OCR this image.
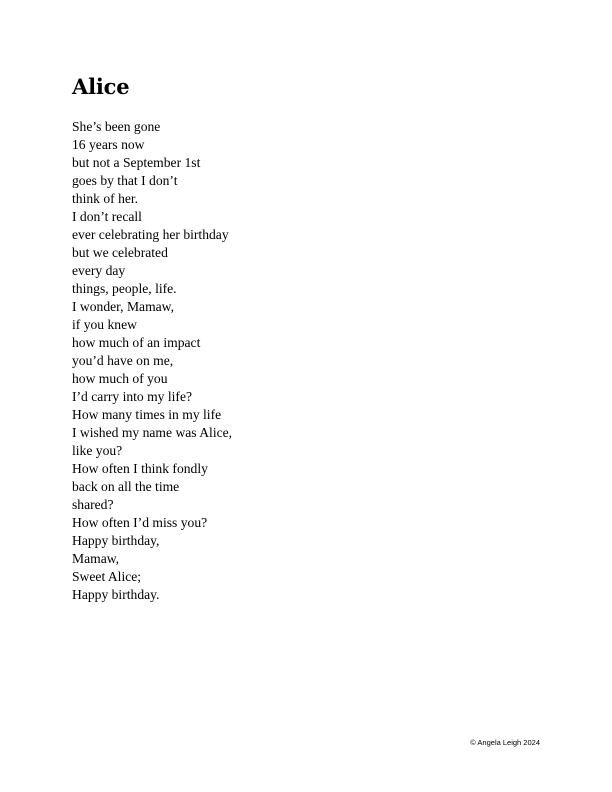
Alice
She’s been gone
16 years now
but not a September 1st
goes by that I don’t
think of her.
I don’t recall
ever celebrating her birthday
but we celebrated
every day
things, people, life.
I wonder, Mamaw,
if you knew
how much of an impact
you’d have on me,
how much of you
I’d carry into my life?
How many times in my life
I wished my name was Alice,
like you?
How often I think fondly
back on all the time
shared?
How often I’d miss you?
Happy birthday,
Mamaw,
Sweet Alice;
Happy birthday.

© Angela Leigh 2024
